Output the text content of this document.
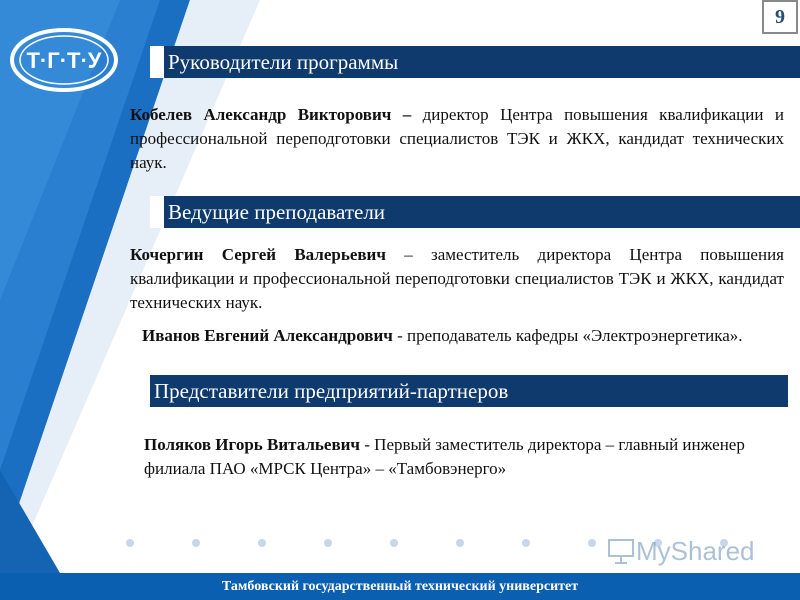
Т·Г·Т·У
9
Руководители программы
Кобелев Александр Викторович – директор Центра повышения квалификации и профессиональной переподготовки специалистов ТЭК и ЖКХ, кандидат технических наук.
Ведущие преподаватели
Кочергин Сергей Валерьевич – заместитель директора Центра повышения квалификации и профессиональной переподготовки специалистов ТЭК и ЖКХ, кандидат технических наук.
Иванов Евгений Александрович - преподаватель кафедры «Электроэнергетика».
Представители предприятий-партнеров
Поляков Игорь Витальевич - Первый заместитель директора – главный инженер филиала ПАО «МРСК Центра» – «Тамбовэнерго»
MyShared
Тамбовский государственный технический университет
